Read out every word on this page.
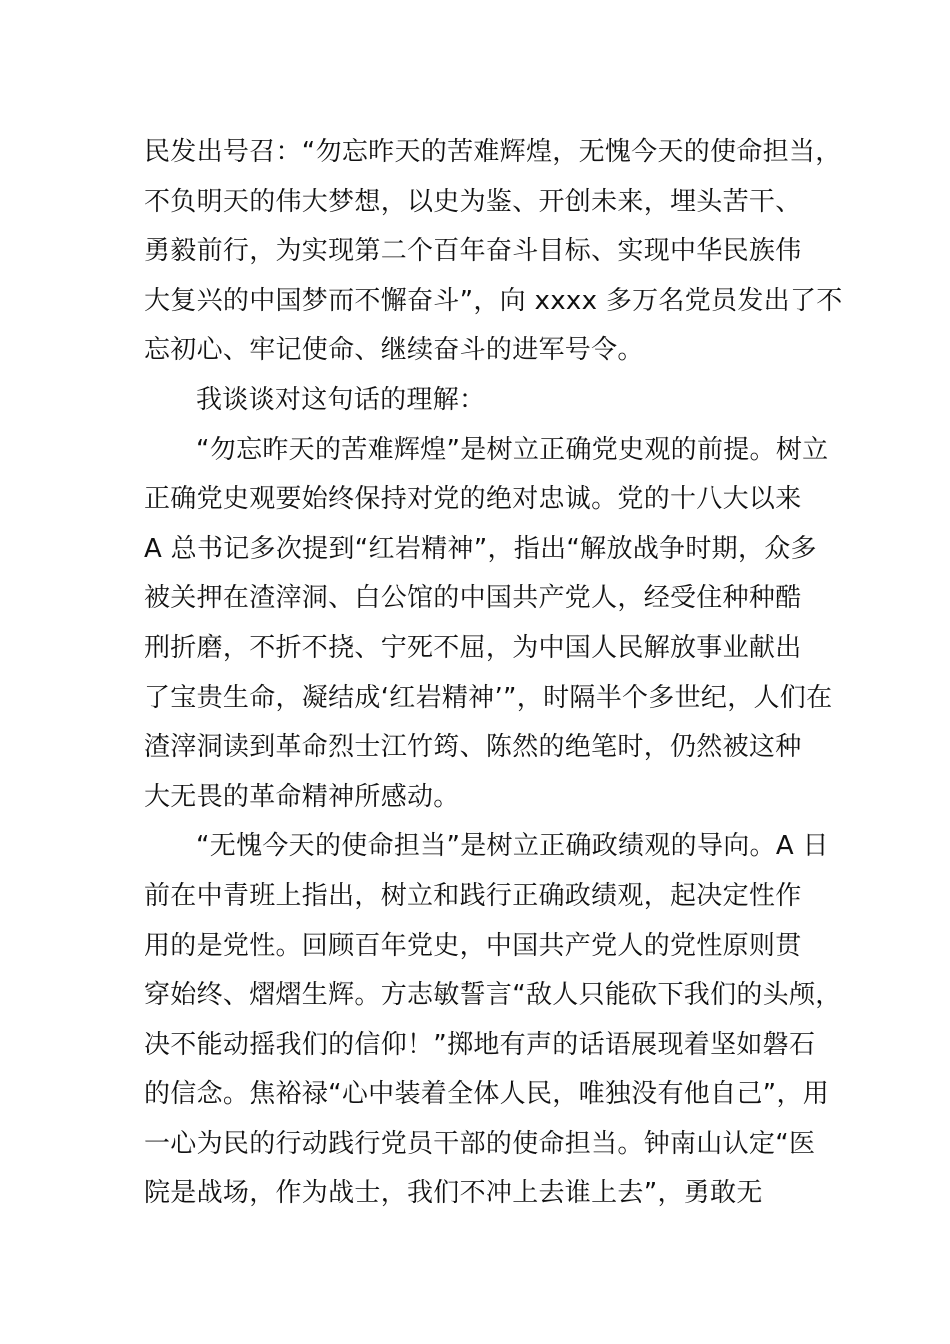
民发出号召：“勿忘昨天的苦难辉煌，无愧今天的使命担当，
不负明天的伟大梦想，以史为鉴、开创未来，埋头苦干、
勇毅前行，为实现第二个百年奋斗目标、实现中华民族伟
大复兴的中国梦而不懈奋斗”，向 xxxx 多万名党员发出了不
忘初心、牢记使命、继续奋斗的进军号令。
我谈谈对这句话的理解：
“勿忘昨天的苦难辉煌”是树立正确党史观的前提。树立
正确党史观要始终保持对党的绝对忠诚。党的十八大以来
A 总书记多次提到“红岩精神”，指出“解放战争时期，众多
被关押在渣滓洞、白公馆的中国共产党人，经受住种种酷
刑折磨，不折不挠、宁死不屈，为中国人民解放事业献出
了宝贵生命，凝结成‘红岩精神’”，时隔半个多世纪，人们在
渣滓洞读到革命烈士江竹筠、陈然的绝笔时，仍然被这种
大无畏的革命精神所感动。
“无愧今天的使命担当”是树立正确政绩观的导向。A 日
前在中青班上指出，树立和践行正确政绩观，起决定性作
用的是党性。回顾百年党史，中国共产党人的党性原则贯
穿始终、熠熠生辉。方志敏誓言“敌人只能砍下我们的头颅，
决不能动摇我们的信仰！”掷地有声的话语展现着坚如磐石
的信念。焦裕禄“心中装着全体人民，唯独没有他自己”，用
一心为民的行动践行党员干部的使命担当。钟南山认定“医
院是战场，作为战士，我们不冲上去谁上去”，勇敢无
